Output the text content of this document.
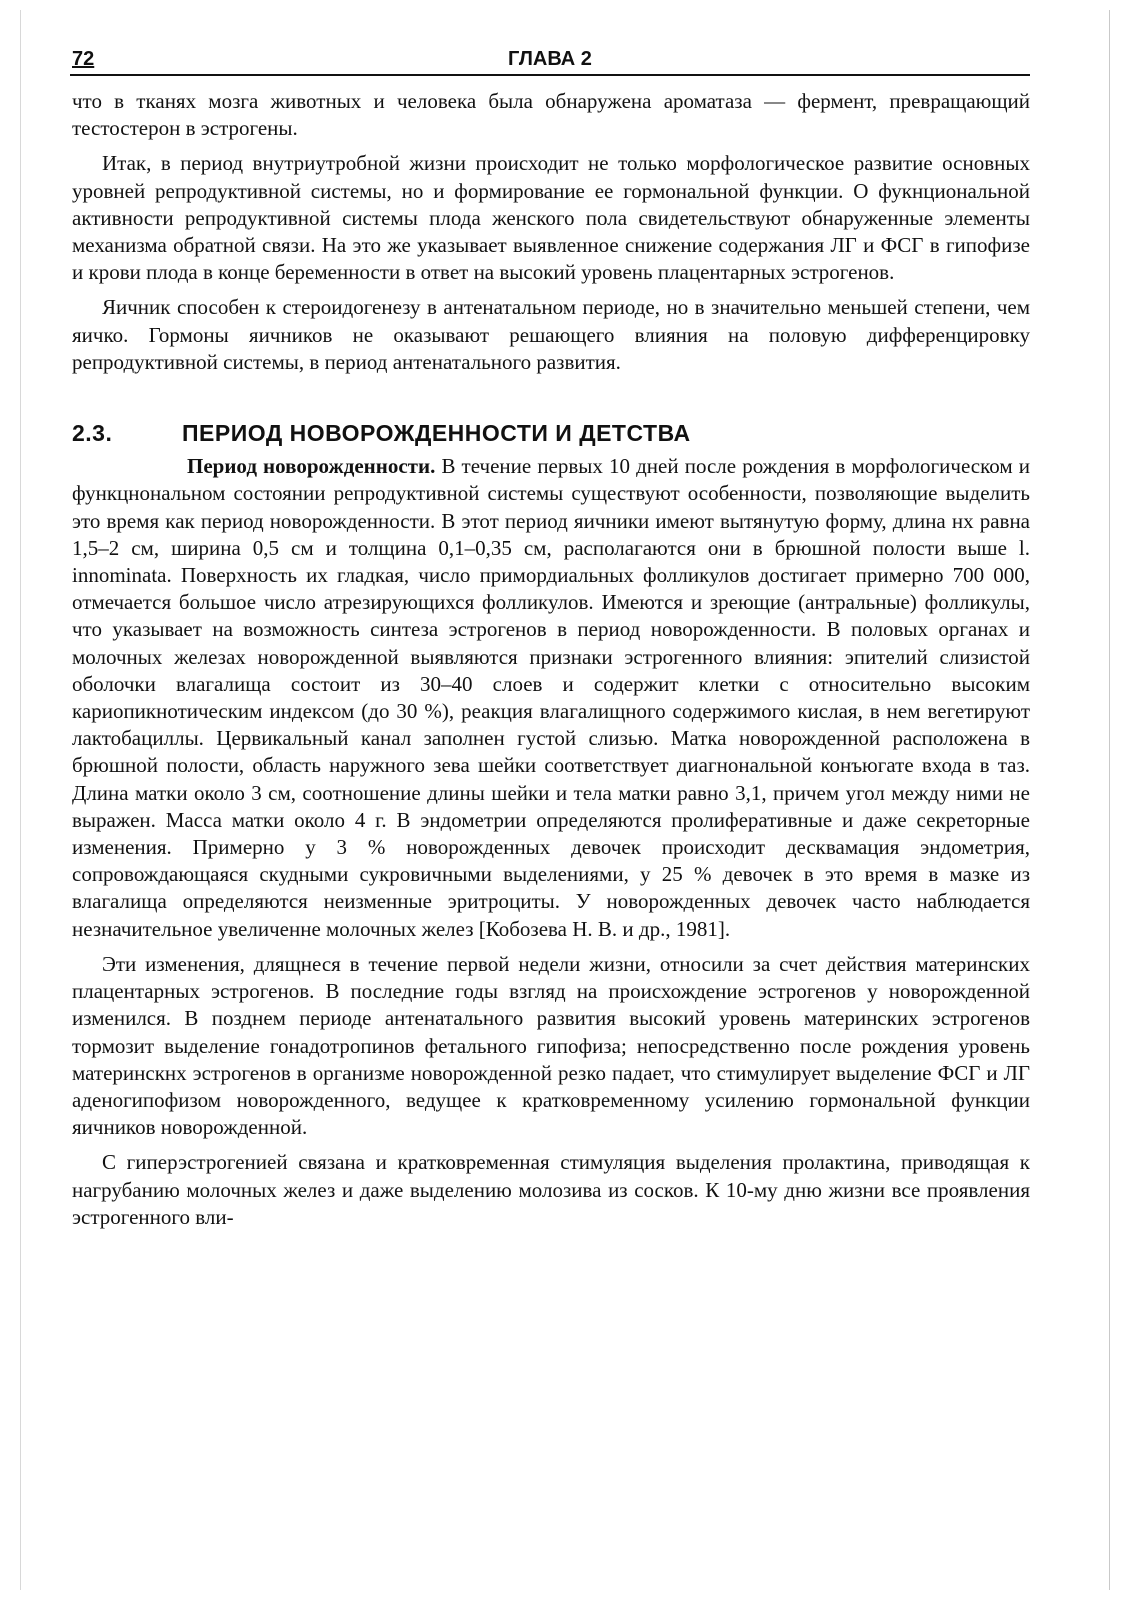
72	ГЛАВА 2

что в тканях мозга животных и человека была обнаружена ароматаза — фермент, превращающий тестостерон в эстрогены.

Итак, в период внутриутробной жизни происходит не только морфологическое развитие основных уровней репродуктивной системы, но и формирование ее гормональной функции. О фукнциональной активности репродуктивной системы плода женского пола свидетельствуют обнаруженные элементы механизма обратной связи. На это же указывает выявленное снижение содержания ЛГ и ФСГ в гипофизе и крови плода в конце беременности в ответ на высокий уровень плацентарных эстрогенов.

Яичник способен к стероидогенезу в антенатальном периоде, но в значительно меньшей степени, чем яичко. Гормоны яичников не оказывают решающего влияния на половую дифференцировку репродуктивной системы, в период антенатального развития.

2.3.	ПЕРИОД НОВОРОЖДЕННОСТИ И ДЕТСТВА

Период новорожденности. В течение первых 10 дней после рождения в морфологическом и функцнональном состоянии репродуктивной системы существуют особенности, позволяющие выделить это время как период новорожденности. В этот период яичники имеют вытянутую форму, длина нх равна 1,5–2 см, ширина 0,5 см и толщина 0,1–0,35 см, располагаются они в брюшной полости выше l. innominata. Поверхность их гладкая, число примордиальных фолликулов достигает примерно 700 000, отмечается большое число атрезирующихся фолликулов. Имеются и зреющие (антральные) фолликулы, что указывает на возможность синтеза эстрогенов в период новорожденности. В половых органах и молочных железах новорожденной выявляются признаки эстрогенного влияния: эпителий слизистой оболочки влагалища состоит из 30–40 слоев и содержит клетки с относительно высоким кариопикнотическим индексом (до 30 %), реакция влагалищного содержимого кислая, в нем вегетируют лактобациллы. Цервикальный канал заполнен густой слизью. Матка новорожденной расположена в брюшной полости, область наружного зева шейки соответствует диагнональной конъюгате входа в таз. Длина матки около 3 см, соотношение длины шейки и тела матки равно 3,1, причем угол между ними не выражен. Масса матки около 4 г. В эндометрии определяются пролиферативные и даже секреторные изменения. Примерно у 3 % новорожденных девочек происходит десквамация эндометрия, сопровождающаяся скудными сукровичными выделениями, у 25 % девочек в это время в мазке из влагалища определяются неизменные эритроциты. У новорожденных девочек часто наблюдается незначительное увеличенне молочных желез [Кобозева Н. В. и др., 1981].

Эти изменения, длящнеся в течение первой недели жизни, относили за счет действия материнских плацентарных эстрогенов. В последние годы взгляд на происхождение эстрогенов у новорожденной изменился. В позднем периоде антенатального развития высокий уровень материнских эстрогенов тормозит выделение гонадотропинов фетального гипофиза; непосредственно после рождения уровень материнскнх эстрогенов в организме новорожденной резко падает, что стимулирует выделение ФСГ и ЛГ аденогипофизом новорожденного, ведущее к кратковременному усилению гормональной функции яичников новорожденной.

С гиперэстрогенией связана и кратковременная стимуляция выделения пролактина, приводящая к нагрубанию молочных желез и даже выделению молозива из сосков. К 10-му дню жизни все проявления эстрогенного вли-
